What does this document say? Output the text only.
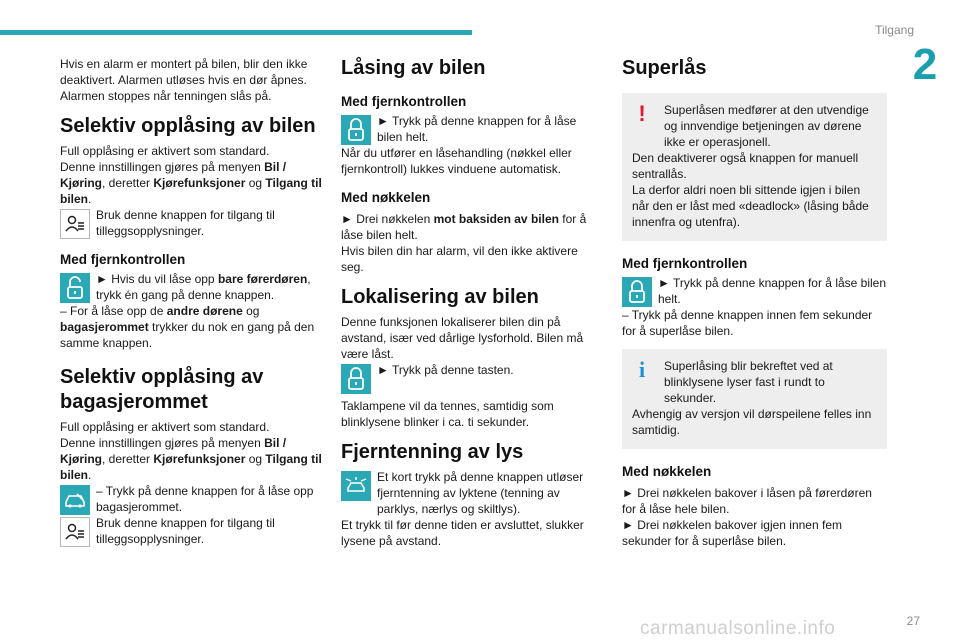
Tilgang
2

Hvis en alarm er montert på bilen, blir den ikke deaktivert. Alarmen utløses hvis en dør åpnes. Alarmen stoppes når tenningen slås på.

Selektiv opplåsing av bilen

Full opplåsing er aktivert som standard.

Denne innstillingen gjøres på menyen Bil / Kjøring, deretter Kjørefunksjoner og Tilgang til bilen.

Bruk denne knappen for tilgang til tilleggsopplysninger.

Med fjernkontrollen

► Hvis du vil låse opp bare førerdøren, trykk én gang på denne knappen.

– For å låse opp de andre dørene og bagasjerommet trykker du nok en gang på den samme knappen.

Selektiv opplåsing av bagasjerommet

Full opplåsing er aktivert som standard.

Denne innstillingen gjøres på menyen Bil / Kjøring, deretter Kjørefunksjoner og Tilgang til bilen.

– Trykk på denne knappen for å låse opp bagasjerommet.

Bruk denne knappen for tilgang til tilleggsopplysninger.

Låsing av bilen
Med fjernkontrollen

► Trykk på denne knappen for å låse bilen helt.

Når du utfører en låsehandling (nøkkel eller fjernkontroll) lukkes vinduene automatisk.

Med nøkkelen

► Drei nøkkelen mot baksiden av bilen for å låse bilen helt.

Hvis bilen din har alarm, vil den ikke aktivere seg.

Lokalisering av bilen

Denne funksjonen lokaliserer bilen din på avstand, især ved dårlige lysforhold. Bilen må være låst.

► Trykk på denne tasten.

Taklampene vil da tennes, samtidig som blinklysene blinker i ca. ti sekunder.

Fjerntenning av lys

Et kort trykk på denne knappen utløser fjerntenning av lyktene (tenning av parklys, nærlys og skiltlys).

Et trykk til før denne tiden er avsluttet, slukker lysene på avstand.

Superlås
!	Superlåsen medfører at den utvendige og innvendige betjeningen av dørene ikke er operasjonell.

Den deaktiverer også knappen for manuell sentrallås.

La derfor aldri noen bli sittende igjen i bilen når den er låst med «deadlock» (låsing både innenfra og utenfra).

Med fjernkontrollen

► Trykk på denne knappen for å låse bilen helt.

– Trykk på denne knappen innen fem sekunder for å superlåse bilen.

i	Superlåsing blir bekreftet ved at blinklysene lyser fast i rundt to sekunder.

Avhengig av versjon vil dørspeilene felles inn samtidig.

Med nøkkelen

► Drei nøkkelen bakover i låsen på førerdøren for å låse hele bilen.

► Drei nøkkelen bakover igjen innen fem sekunder for å superlåse bilen.

carmanualsonline.info	27
